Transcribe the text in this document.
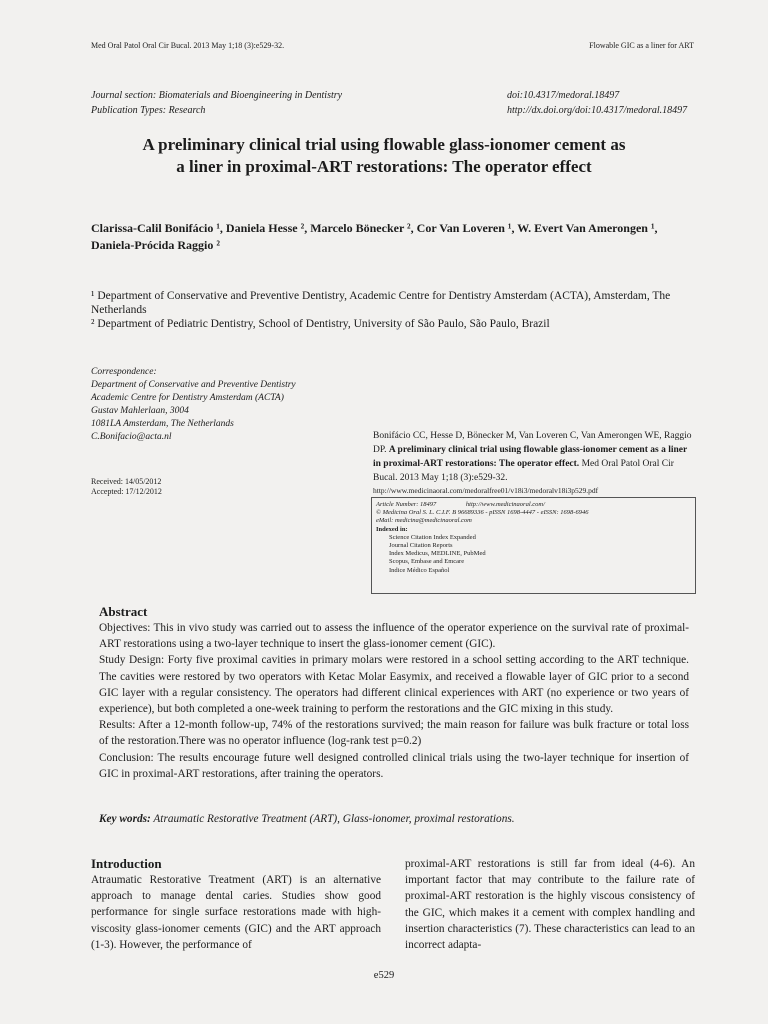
Med Oral Patol Oral Cir Bucal. 2013 May 1;18 (3):e529-32.	Flowable GIC as a liner for ART
Journal section: Biomaterials and Bioengineering in Dentistry
Publication Types: Research
doi:10.4317/medoral.18497
http://dx.doi.org/doi:10.4317/medoral.18497
A preliminary clinical trial using flowable glass-ionomer cement as
a liner in proximal-ART restorations: The operator effect
Clarissa-Calil Bonifácio ¹, Daniela Hesse ², Marcelo Bönecker ², Cor Van Loveren ¹, W. Evert Van Amerongen ¹,
Daniela-Prócida Raggio ²
¹ Department of Conservative and Preventive Dentistry, Academic Centre for Dentistry Amsterdam (ACTA), Amsterdam, The Netherlands
² Department of Pediatric Dentistry, School of Dentistry, University of São Paulo, São Paulo, Brazil
Correspondence:
Department of Conservative and Preventive Dentistry
Academic Centre for Dentistry Amsterdam (ACTA)
Gustav Mahlerlaan, 3004
1081LA Amsterdam, The Netherlands
C.Bonifacio@acta.nl
Received: 14/05/2012
Accepted: 17/12/2012
Bonifácio CC, Hesse D, Bönecker M, Van Loveren C, Van Amerongen WE, Raggio DP. A preliminary clinical trial using flowable glass-ionomer cement as a liner in proximal-ART restorations: The operator effect. Med Oral Patol Oral Cir Bucal. 2013 May 1;18 (3):e529-32.
http://www.medicinaoral.com/medoralfree01/v18i3/medoralv18i3p529.pdf
Article Number: 18497	http://www.medicinaoral.com/
© Medicina Oral S. L. C.I.F. B 96689336 - pISSN 1698-4447 - eISSN: 1698-6946
eMail: medicina@medicinaoral.com
Indexed in:
Science Citation Index Expanded
Journal Citation Reports
Index Medicus, MEDLINE, PubMed
Scopus, Embase and Emcare
Indice Médico Español
Abstract

Objectives: This in vivo study was carried out to assess the influence of the operator experience on the survival rate of proximal-ART restorations using a two-layer technique to insert the glass-ionomer cement (GIC).

Study Design: Forty five proximal cavities in primary molars were restored in a school setting according to the ART technique. The cavities were restored by two operators with Ketac Molar Easymix, and received a flowable layer of GIC prior to a second GIC layer with a regular consistency. The operators had different clinical experiences with ART (no experience or two years of experience), but both completed a one-week training to perform the restorations and the GIC mixing in this study.

Results: After a 12-month follow-up, 74% of the restorations survived; the main reason for failure was bulk fracture or total loss of the restoration.There was no operator influence (log-rank test p=0.2)

Conclusion: The results encourage future well designed controlled clinical trials using the two-layer technique for insertion of GIC in proximal-ART restorations, after training the operators.

Key words: Atraumatic Restorative Treatment (ART), Glass-ionomer, proximal restorations.
Introduction
Atraumatic Restorative Treatment (ART) is an alternative approach to manage dental caries. Studies show good performance for single surface restorations made with high-viscosity glass-ionomer cements (GIC) and the ART approach (1-3). However, the performance of
proximal-ART restorations is still far from ideal (4-6). An important factor that may contribute to the failure rate of proximal-ART restoration is the highly viscous consistency of the GIC, which makes it a cement with complex handling and insertion characteristics (7). These characteristics can lead to an incorrect adapta-
e529
